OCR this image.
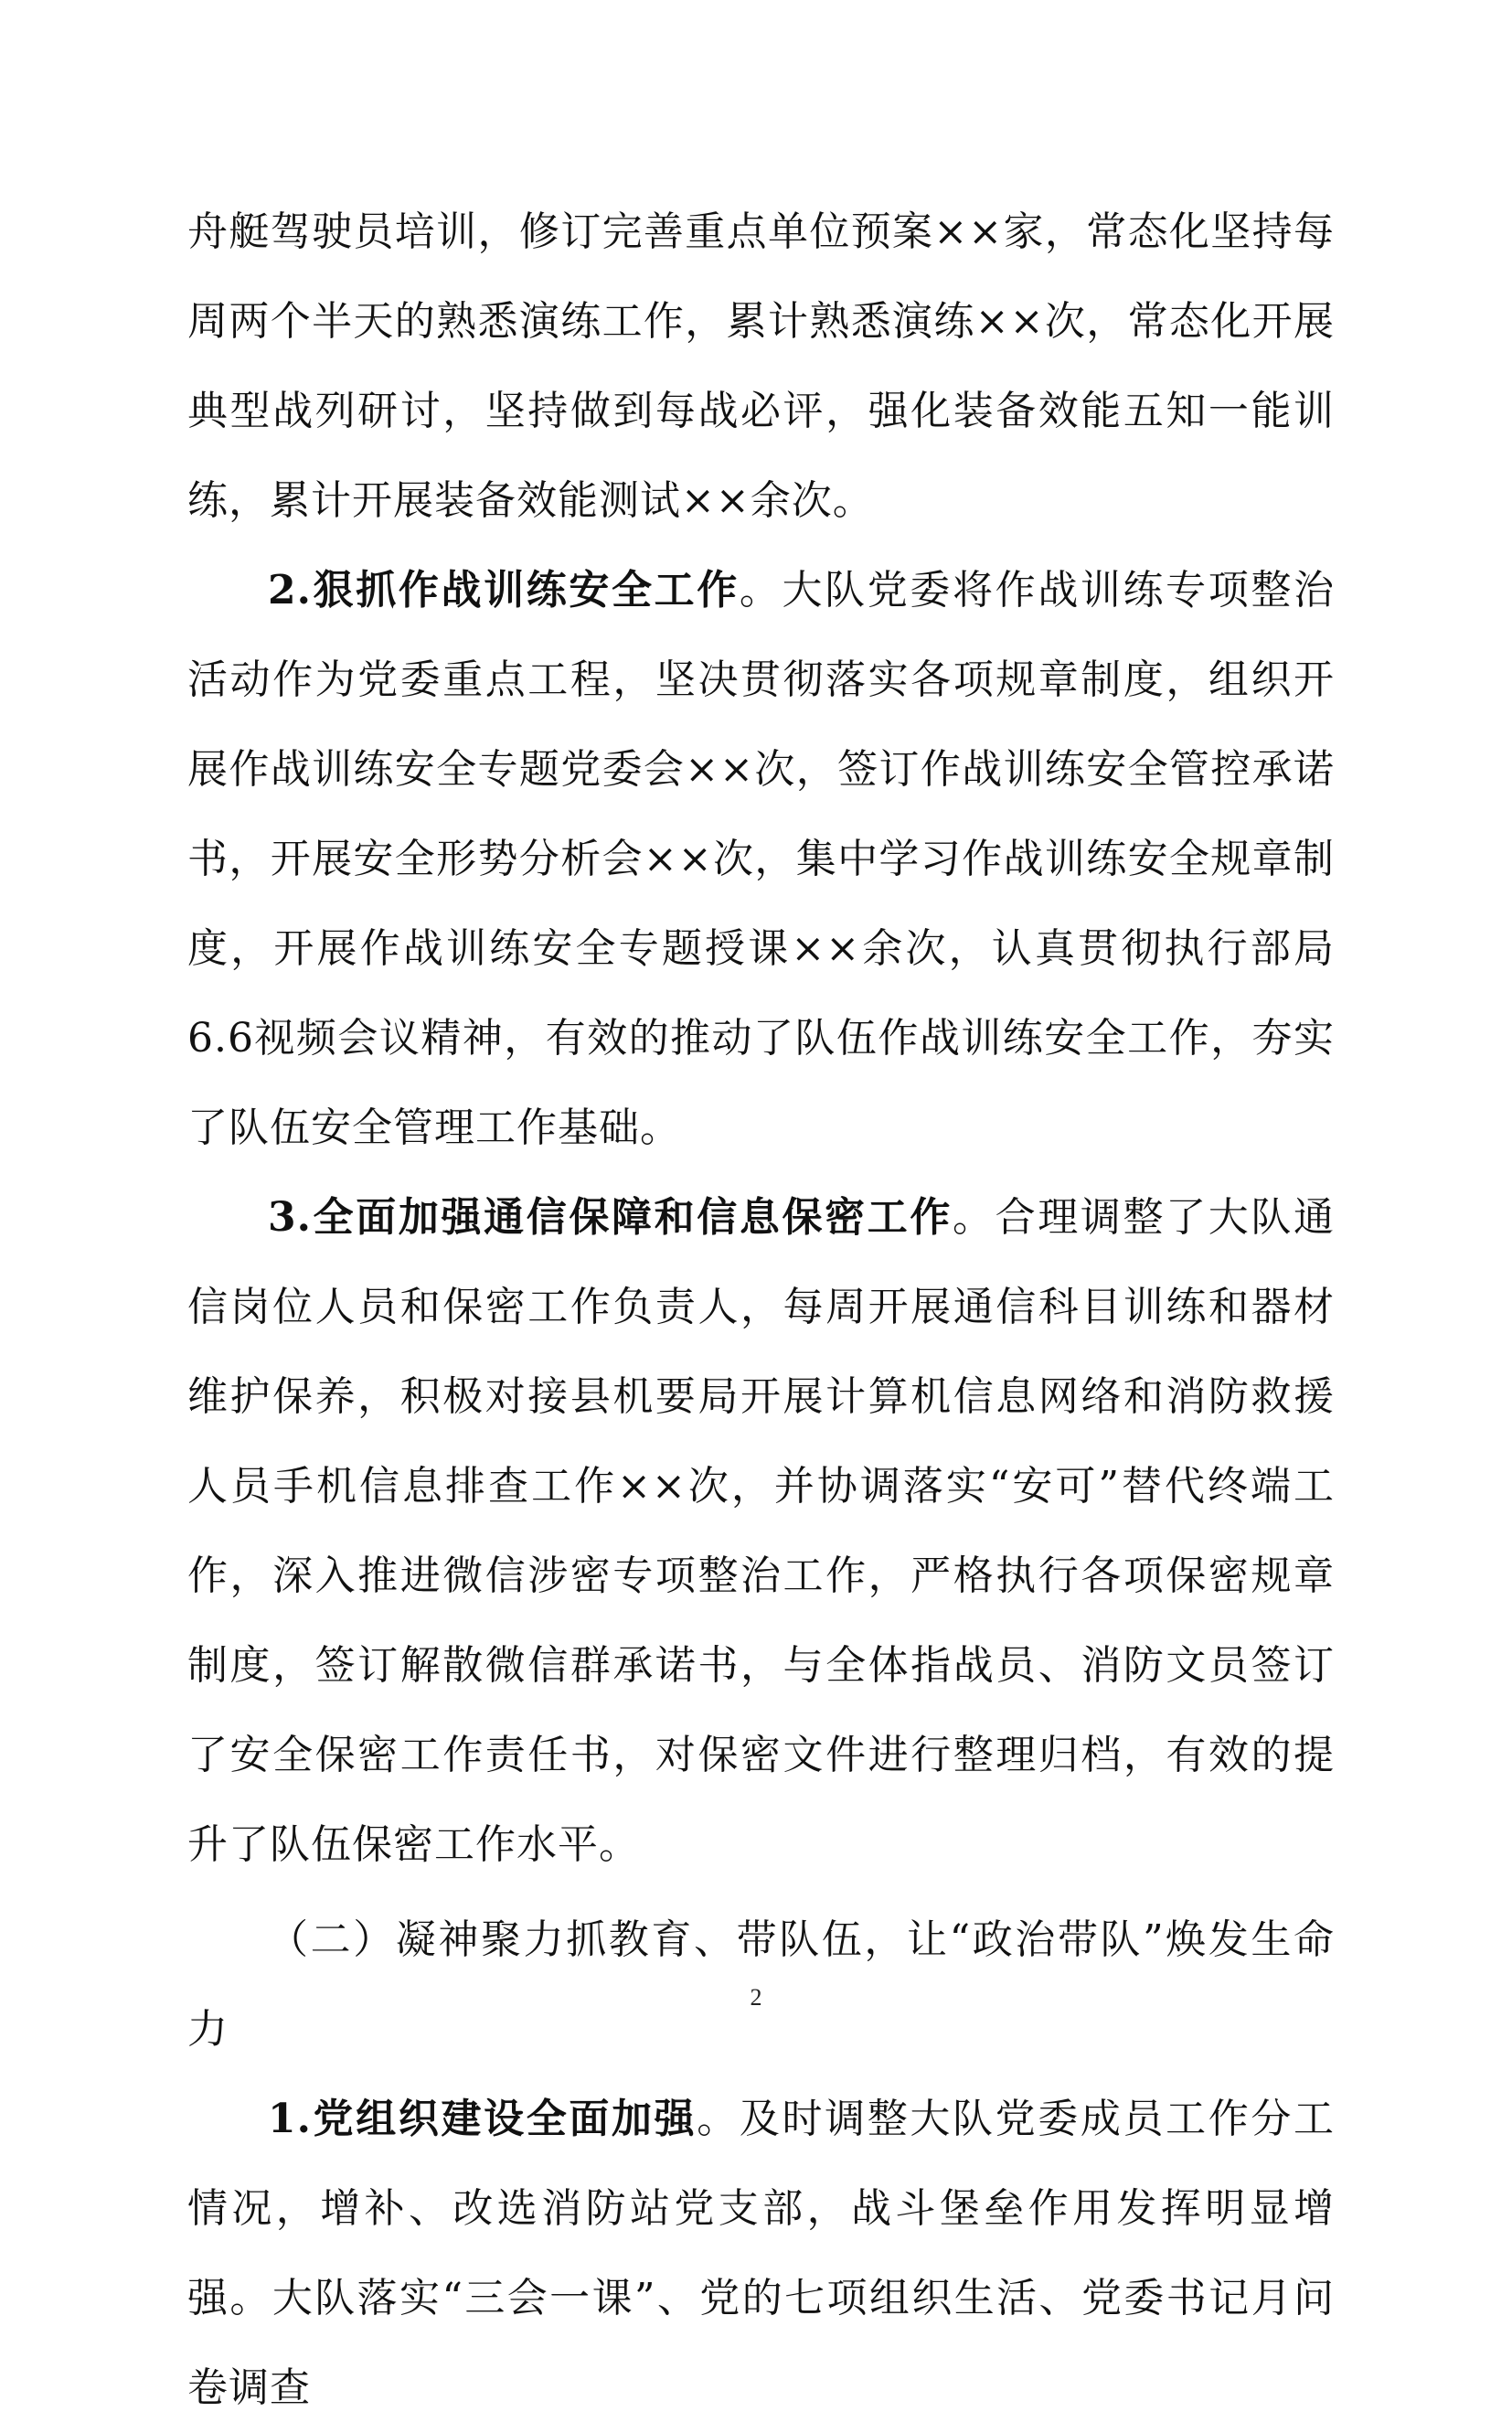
舟艇驾驶员培训，修订完善重点单位预案××家，常态化坚持每周两个半天的熟悉演练工作，累计熟悉演练××次，常态化开展典型战列研讨，坚持做到每战必评，强化装备效能五知一能训练，累计开展装备效能测试××余次。

2.狠抓作战训练安全工作。大队党委将作战训练专项整治活动作为党委重点工程，坚决贯彻落实各项规章制度，组织开展作战训练安全专题党委会××次，签订作战训练安全管控承诺书，开展安全形势分析会××次，集中学习作战训练安全规章制度，开展作战训练安全专题授课××余次，认真贯彻执行部局6.6视频会议精神，有效的推动了队伍作战训练安全工作，夯实了队伍安全管理工作基础。

3.全面加强通信保障和信息保密工作。合理调整了大队通信岗位人员和保密工作负责人，每周开展通信科目训练和器材维护保养，积极对接县机要局开展计算机信息网络和消防救援人员手机信息排查工作××次，并协调落实“安可”替代终端工作，深入推进微信涉密专项整治工作，严格执行各项保密规章制度，签订解散微信群承诺书，与全体指战员、消防文员签订了安全保密工作责任书，对保密文件进行整理归档，有效的提升了队伍保密工作水平。

（二）凝神聚力抓教育、带队伍，让“政治带队”焕发生命力

1.党组织建设全面加强。及时调整大队党委成员工作分工情况，增补、改选消防站党支部，战斗堡垒作用发挥明显增强。大队落实“三会一课”、党的七项组织生活、党委书记月问卷调查

2
